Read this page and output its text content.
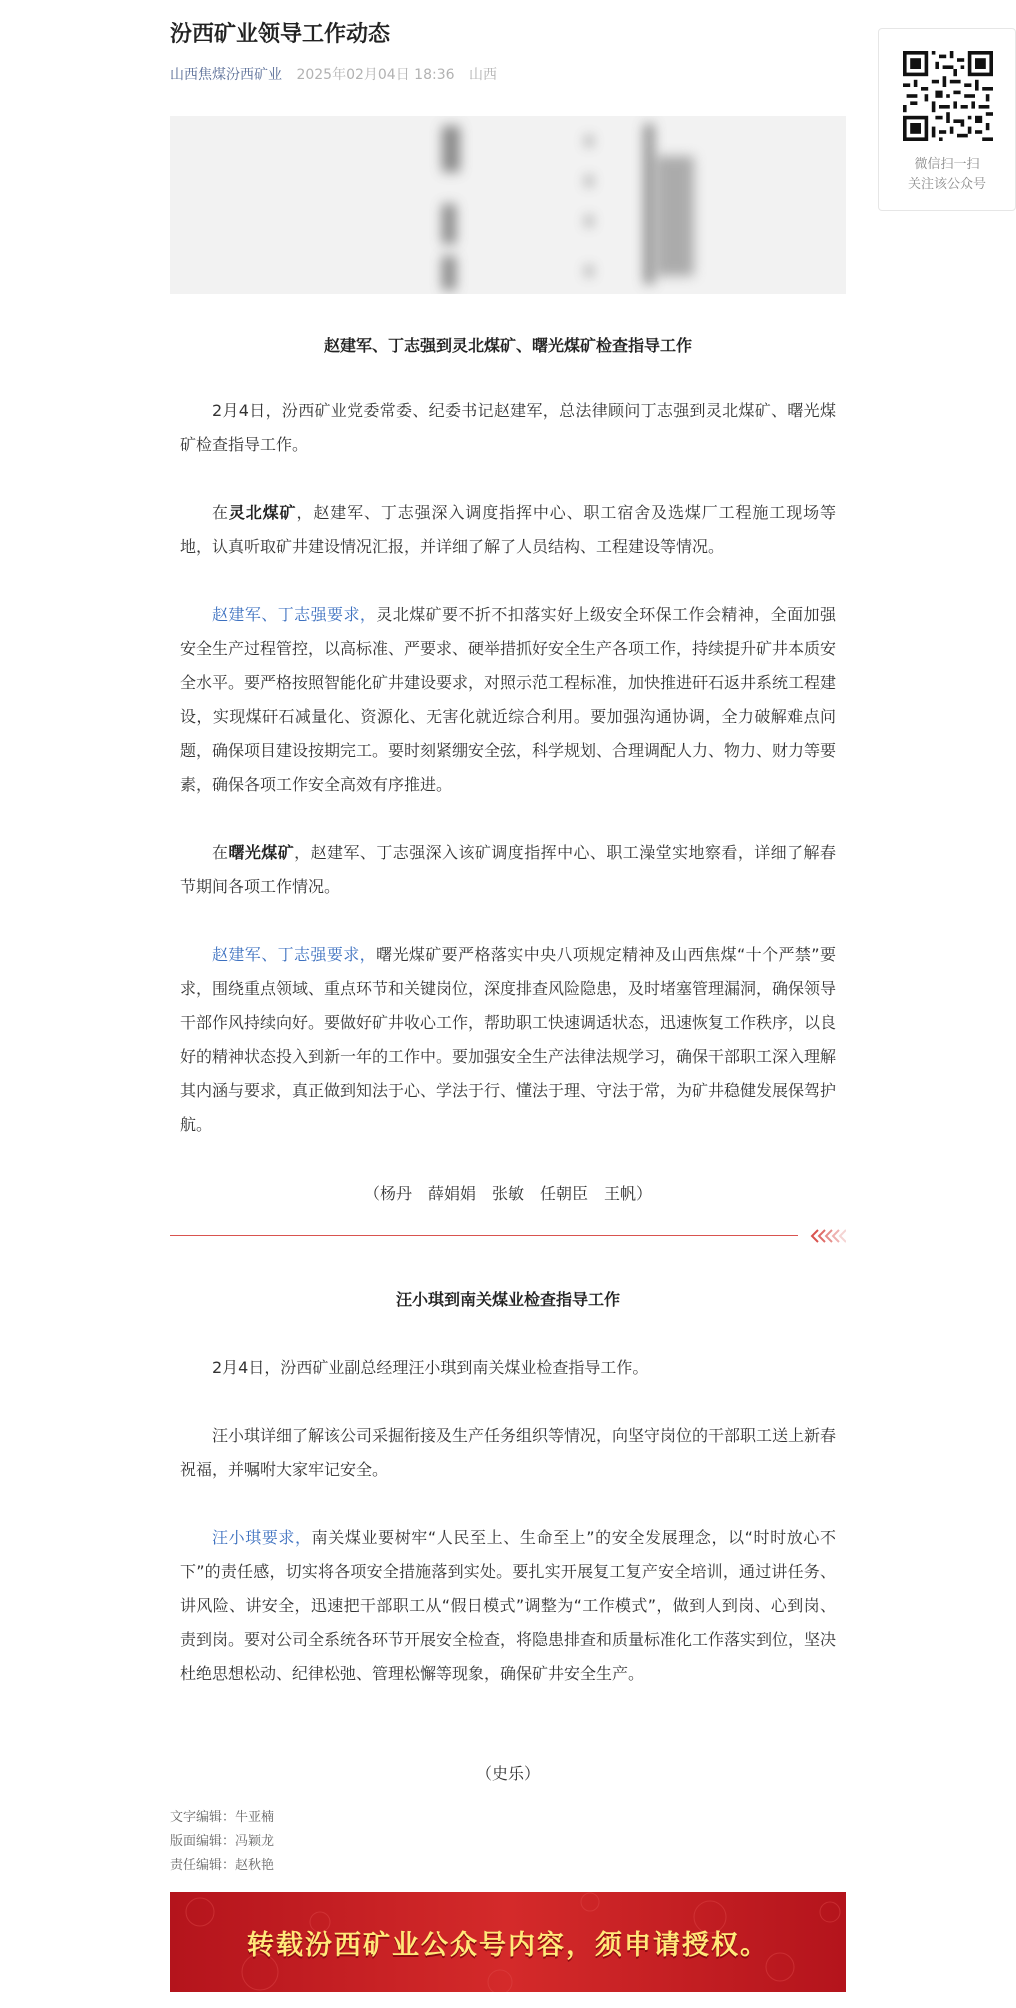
汾西矿业领导工作动态
山西焦煤汾西矿业 2025年02月04日 18:36 山西
赵建军、丁志强到灵北煤矿、曙光煤矿检查指导工作

2月4日，汾西矿业党委常委、纪委书记赵建军，总法律顾问丁志强到灵北煤矿、曙光煤矿检查指导工作。

在灵北煤矿，赵建军、丁志强深入调度指挥中心、职工宿舍及选煤厂工程施工现场等地，认真听取矿井建设情况汇报，并详细了解了人员结构、工程建设等情况。

赵建军、丁志强要求，灵北煤矿要不折不扣落实好上级安全环保工作会精神，全面加强安全生产过程管控，以高标准、严要求、硬举措抓好安全生产各项工作，持续提升矿井本质安全水平。要严格按照智能化矿井建设要求，对照示范工程标准，加快推进矸石返井系统工程建设，实现煤矸石减量化、资源化、无害化就近综合利用。要加强沟通协调，全力破解难点问题，确保项目建设按期完工。要时刻紧绷安全弦，科学规划、合理调配人力、物力、财力等要素，确保各项工作安全高效有序推进。

在曙光煤矿，赵建军、丁志强深入该矿调度指挥中心、职工澡堂实地察看，详细了解春节期间各项工作情况。

赵建军、丁志强要求，曙光煤矿要严格落实中央八项规定精神及山西焦煤“十个严禁”要求，围绕重点领域、重点环节和关键岗位，深度排查风险隐患，及时堵塞管理漏洞，确保领导干部作风持续向好。要做好矿井收心工作，帮助职工快速调适状态，迅速恢复工作秩序，以良好的精神状态投入到新一年的工作中。要加强安全生产法律法规学习，确保干部职工深入理解其内涵与要求，真正做到知法于心、学法于行、懂法于理、守法于常，为矿井稳健发展保驾护航。

（杨丹　薛娟娟　张敏　任朝臣　王帆）
汪小琪到南关煤业检查指导工作

2月4日，汾西矿业副总经理汪小琪到南关煤业检查指导工作。

汪小琪详细了解该公司采掘衔接及生产任务组织等情况，向坚守岗位的干部职工送上新春祝福，并嘱咐大家牢记安全。

汪小琪要求，南关煤业要树牢“人民至上、生命至上”的安全发展理念，以“时时放心不下”的责任感，切实将各项安全措施落到实处。要扎实开展复工复产安全培训，通过讲任务、讲风险、讲安全，迅速把干部职工从“假日模式”调整为“工作模式”，做到人到岗、心到岗、责到岗。要对公司全系统各环节开展安全检查，将隐患排查和质量标准化工作落实到位，坚决杜绝思想松动、纪律松弛、管理松懈等现象，确保矿井安全生产。

（史乐）
文字编辑：牛亚楠
版面编辑：冯颖龙
责任编辑：赵秋艳
转载汾西矿业公众号内容，须申请授权。
微信扫一扫
关注该公众号
